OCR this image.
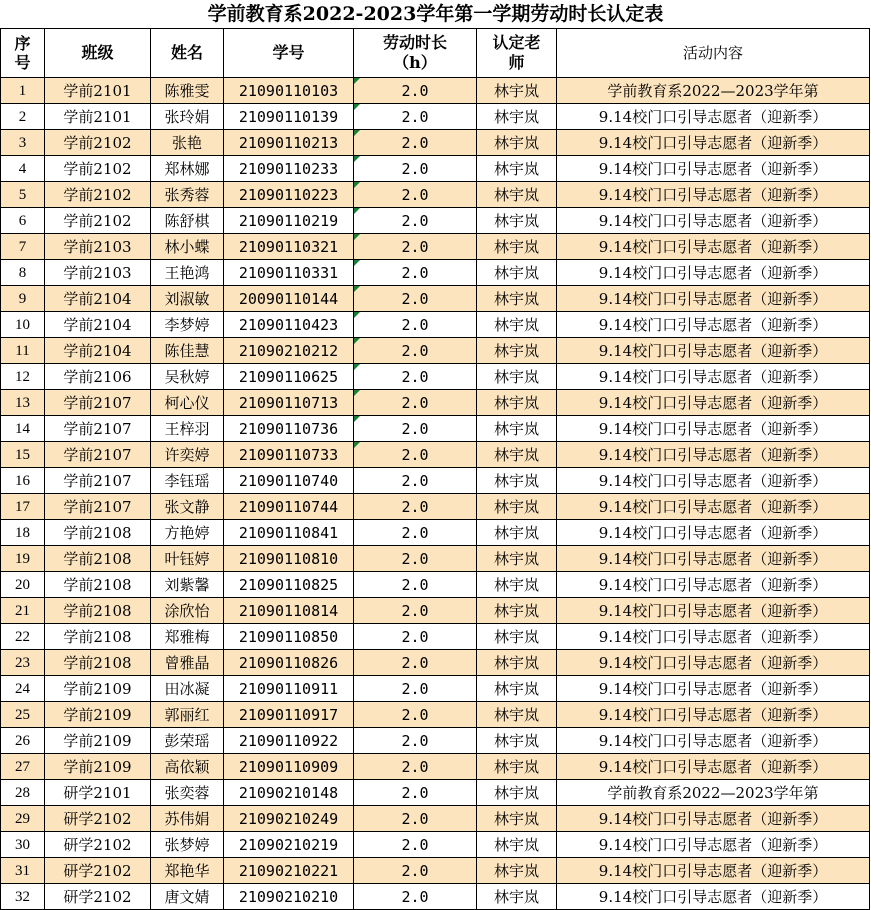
学前教育系2022-2023学年第一学期劳动时长认定表
序号	班级	姓名	学号	劳动时长（h）	认定老师	活动内容
1	学前2101	陈雅雯	21090110103	2.0	林宇岚	学前教育系2022—2023学年第
2	学前2101	张玲娟	21090110139	2.0	林宇岚	9.14校门口引导志愿者（迎新季）
3	学前2102	张艳	21090110213	2.0	林宇岚	9.14校门口引导志愿者（迎新季）
4	学前2102	郑林娜	21090110233	2.0	林宇岚	9.14校门口引导志愿者（迎新季）
5	学前2102	张秀蓉	21090110223	2.0	林宇岚	9.14校门口引导志愿者（迎新季）
6	学前2102	陈舒棋	21090110219	2.0	林宇岚	9.14校门口引导志愿者（迎新季）
7	学前2103	林小蝶	21090110321	2.0	林宇岚	9.14校门口引导志愿者（迎新季）
8	学前2103	王艳鸿	21090110331	2.0	林宇岚	9.14校门口引导志愿者（迎新季）
9	学前2104	刘淑敏	20090110144	2.0	林宇岚	9.14校门口引导志愿者（迎新季）
10	学前2104	李梦婷	21090110423	2.0	林宇岚	9.14校门口引导志愿者（迎新季）
11	学前2104	陈佳慧	21090210212	2.0	林宇岚	9.14校门口引导志愿者（迎新季）
12	学前2106	吴秋婷	21090110625	2.0	林宇岚	9.14校门口引导志愿者（迎新季）
13	学前2107	柯心仪	21090110713	2.0	林宇岚	9.14校门口引导志愿者（迎新季）
14	学前2107	王梓羽	21090110736	2.0	林宇岚	9.14校门口引导志愿者（迎新季）
15	学前2107	许奕婷	21090110733	2.0	林宇岚	9.14校门口引导志愿者（迎新季）
16	学前2107	李钰瑶	21090110740	2.0	林宇岚	9.14校门口引导志愿者（迎新季）
17	学前2107	张文静	21090110744	2.0	林宇岚	9.14校门口引导志愿者（迎新季）
18	学前2108	方艳婷	21090110841	2.0	林宇岚	9.14校门口引导志愿者（迎新季）
19	学前2108	叶钰婷	21090110810	2.0	林宇岚	9.14校门口引导志愿者（迎新季）
20	学前2108	刘紫馨	21090110825	2.0	林宇岚	9.14校门口引导志愿者（迎新季）
21	学前2108	涂欣怡	21090110814	2.0	林宇岚	9.14校门口引导志愿者（迎新季）
22	学前2108	郑雅梅	21090110850	2.0	林宇岚	9.14校门口引导志愿者（迎新季）
23	学前2108	曾雅晶	21090110826	2.0	林宇岚	9.14校门口引导志愿者（迎新季）
24	学前2109	田冰凝	21090110911	2.0	林宇岚	9.14校门口引导志愿者（迎新季）
25	学前2109	郭丽红	21090110917	2.0	林宇岚	9.14校门口引导志愿者（迎新季）
26	学前2109	彭荣瑶	21090110922	2.0	林宇岚	9.14校门口引导志愿者（迎新季）
27	学前2109	高依颖	21090110909	2.0	林宇岚	9.14校门口引导志愿者（迎新季）
28	研学2101	张奕蓉	21090210148	2.0	林宇岚	学前教育系2022—2023学年第
29	研学2102	苏伟娟	21090210249	2.0	林宇岚	9.14校门口引导志愿者（迎新季）
30	研学2102	张梦婷	21090210219	2.0	林宇岚	9.14校门口引导志愿者（迎新季）
31	研学2102	郑艳华	21090210221	2.0	林宇岚	9.14校门口引导志愿者（迎新季）
32	研学2102	唐文婧	21090210210	2.0	林宇岚	9.14校门口引导志愿者（迎新季）
